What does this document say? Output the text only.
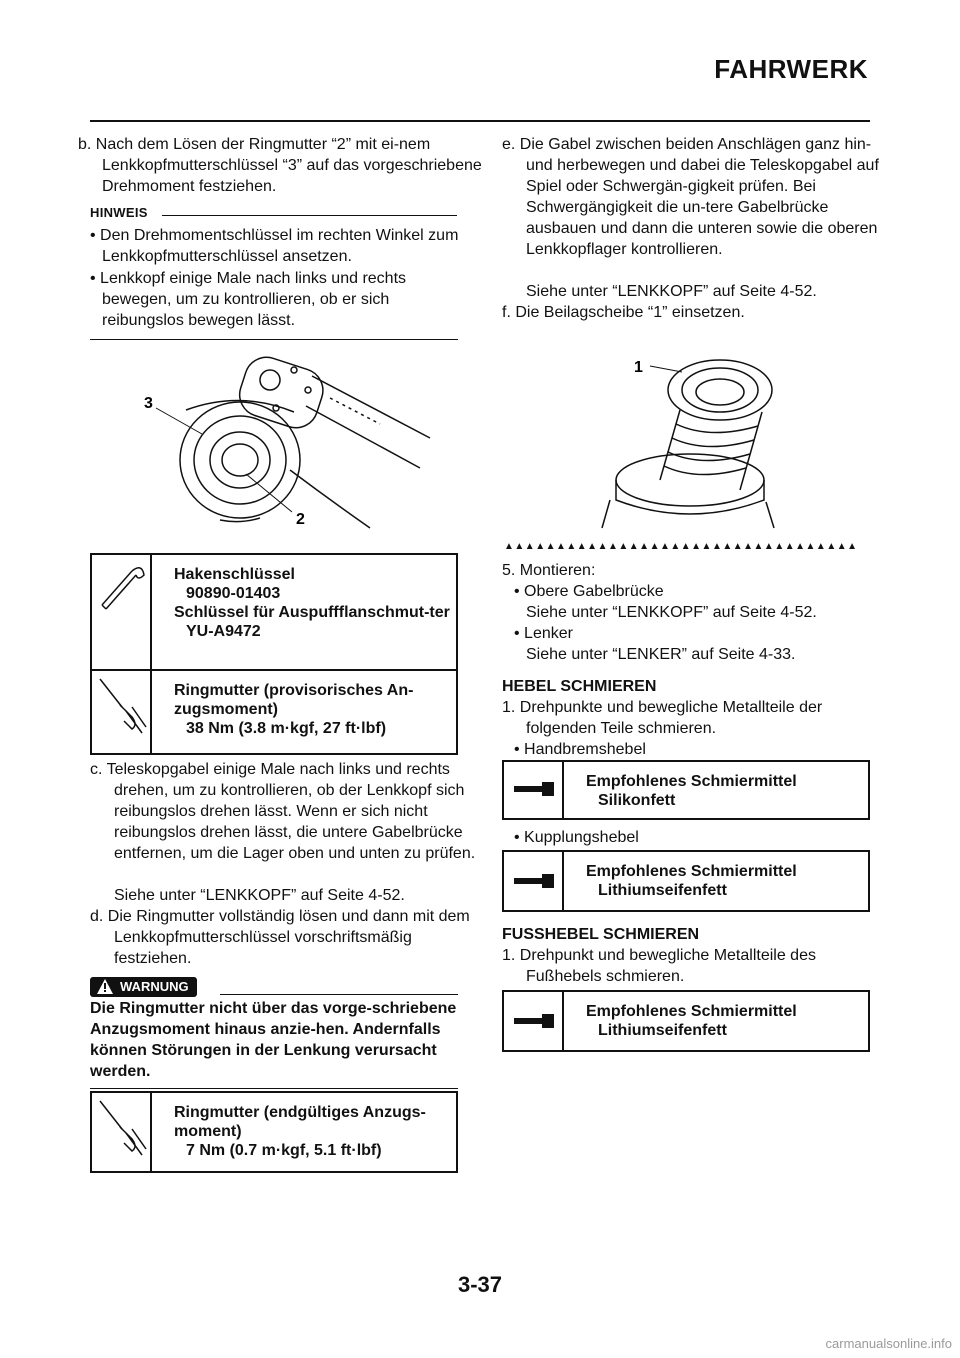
FAHRWERK
b. Nach dem Lösen der Ringmutter “2” mit ei-nem Lenkkopfmutterschlüssel “3” auf das vorgeschriebene Drehmoment festziehen.
HINWEIS
• Den Drehmomentschlüssel im rechten Winkel zum Lenkkopfmutterschlüssel ansetzen.
• Lenkkopf einige Male nach links und rechts bewegen, um zu kontrollieren, ob er sich reibungslos bewegen lässt.
3
2
Hakenschlüssel
90890-01403
Schlüssel für Auspuffflanschmut-ter
YU-A9472
Ringmutter (provisorisches An-zugsmoment)
38 Nm (3.8 m·kgf, 27 ft·lbf)
c. Teleskopgabel einige Male nach links und rechts drehen, um zu kontrollieren, ob der Lenkkopf sich reibungslos drehen lässt. Wenn er sich nicht reibungslos drehen lässt, die untere Gabelbrücke entfernen, um die Lager oben und unten zu prüfen.
Siehe unter “LENKKOPF” auf Seite 4-52.
d. Die Ringmutter vollständig lösen und dann mit dem Lenkkopfmutterschlüssel vorschriftsmäßig festziehen.
WARNUNG
Die Ringmutter nicht über das vorge-schriebene Anzugsmoment hinaus anzie-hen. Andernfalls können Störungen in der Lenkung verursacht werden.
Ringmutter (endgültiges Anzugs-moment)
7 Nm (0.7 m·kgf, 5.1 ft·lbf)
e. Die Gabel zwischen beiden Anschlägen ganz hin- und herbewegen und dabei die Teleskopgabel auf Spiel oder Schwergän-gigkeit prüfen. Bei Schwergängigkeit die un-tere Gabelbrücke ausbauen und dann die unteren sowie die oberen Lenkkopflager kontrollieren.
Siehe unter “LENKKOPF” auf Seite 4-52.
f. Die Beilagscheibe “1” einsetzen.
1
▲▲▲▲▲▲▲▲▲▲▲▲▲▲▲▲▲▲▲▲▲▲▲▲▲▲▲▲▲▲▲▲▲▲
5. Montieren:
• Obere Gabelbrücke
Siehe unter “LENKKOPF” auf Seite 4-52.
• Lenker
Siehe unter “LENKER” auf Seite 4-33.
HEBEL SCHMIEREN
1. Drehpunkte und bewegliche Metallteile der folgenden Teile schmieren.
• Handbremshebel
Empfohlenes Schmiermittel
Silikonfett
• Kupplungshebel
Empfohlenes Schmiermittel
Lithiumseifenfett
FUSSHEBEL SCHMIEREN
1. Drehpunkt und bewegliche Metallteile des Fußhebels schmieren.
Empfohlenes Schmiermittel
Lithiumseifenfett
3-37
carmanualsonline.info
